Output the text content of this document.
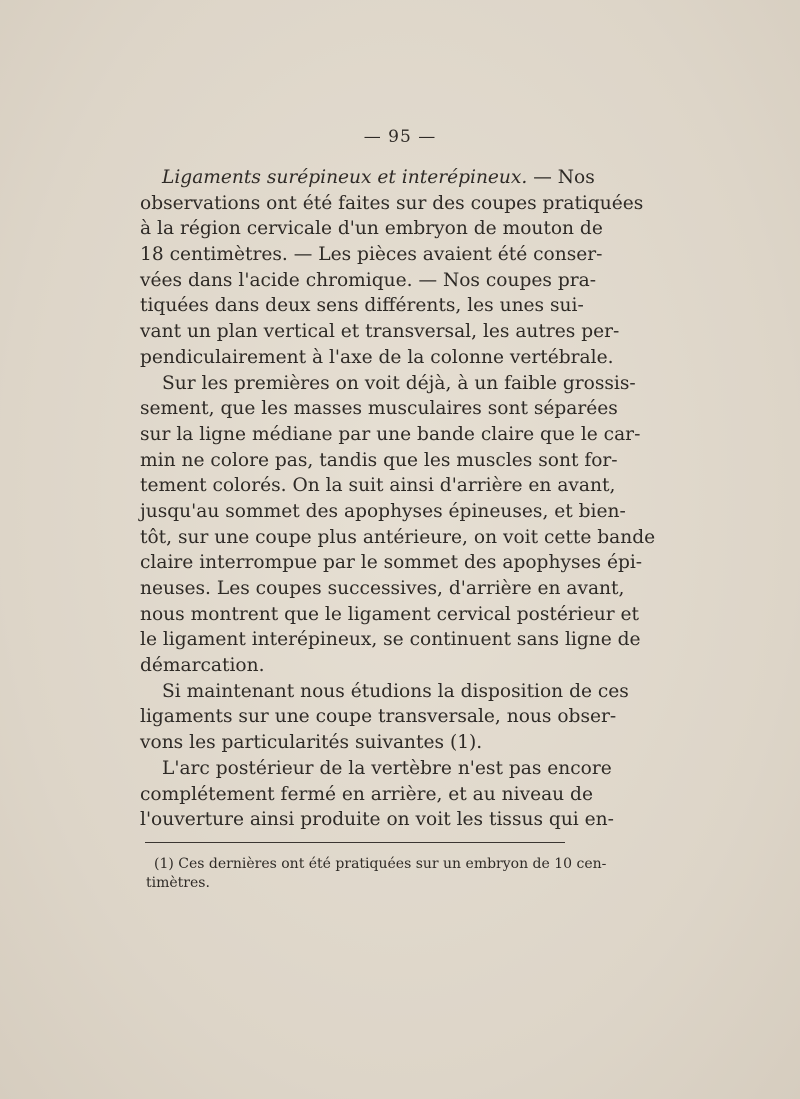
— 95 —
Ligaments surépineux et interépineux. — Nos
observations ont été faites sur des coupes pratiquées
à la région cervicale d'un embryon de mouton de
18 centimètres. — Les pièces avaient été conser-
vées dans l'acide chromique. — Nos coupes pra-
tiquées dans deux sens différents, les unes sui-
vant un plan vertical et transversal, les autres per-
pendiculairement à l'axe de la colonne vertébrale.
Sur les premières on voit déjà, à un faible grossis-
sement, que les masses musculaires sont séparées
sur la ligne médiane par une bande claire que le car-
min ne colore pas, tandis que les muscles sont for-
tement colorés. On la suit ainsi d'arrière en avant,
jusqu'au sommet des apophyses épineuses, et bien-
tôt, sur une coupe plus antérieure, on voit cette bande
claire interrompue par le sommet des apophyses épi-
neuses. Les coupes successives, d'arrière en avant,
nous montrent que le ligament cervical postérieur et
le ligament interépineux, se continuent sans ligne de
démarcation.
Si maintenant nous étudions la disposition de ces
ligaments sur une coupe transversale, nous obser-
vons les particularités suivantes (1).
L'arc postérieur de la vertèbre n'est pas encore
complétement fermé en arrière, et au niveau de
l'ouverture ainsi produite on voit les tissus qui en-
(1) Ces dernières ont été pratiquées sur un embryon de 10 cen-
timètres.
